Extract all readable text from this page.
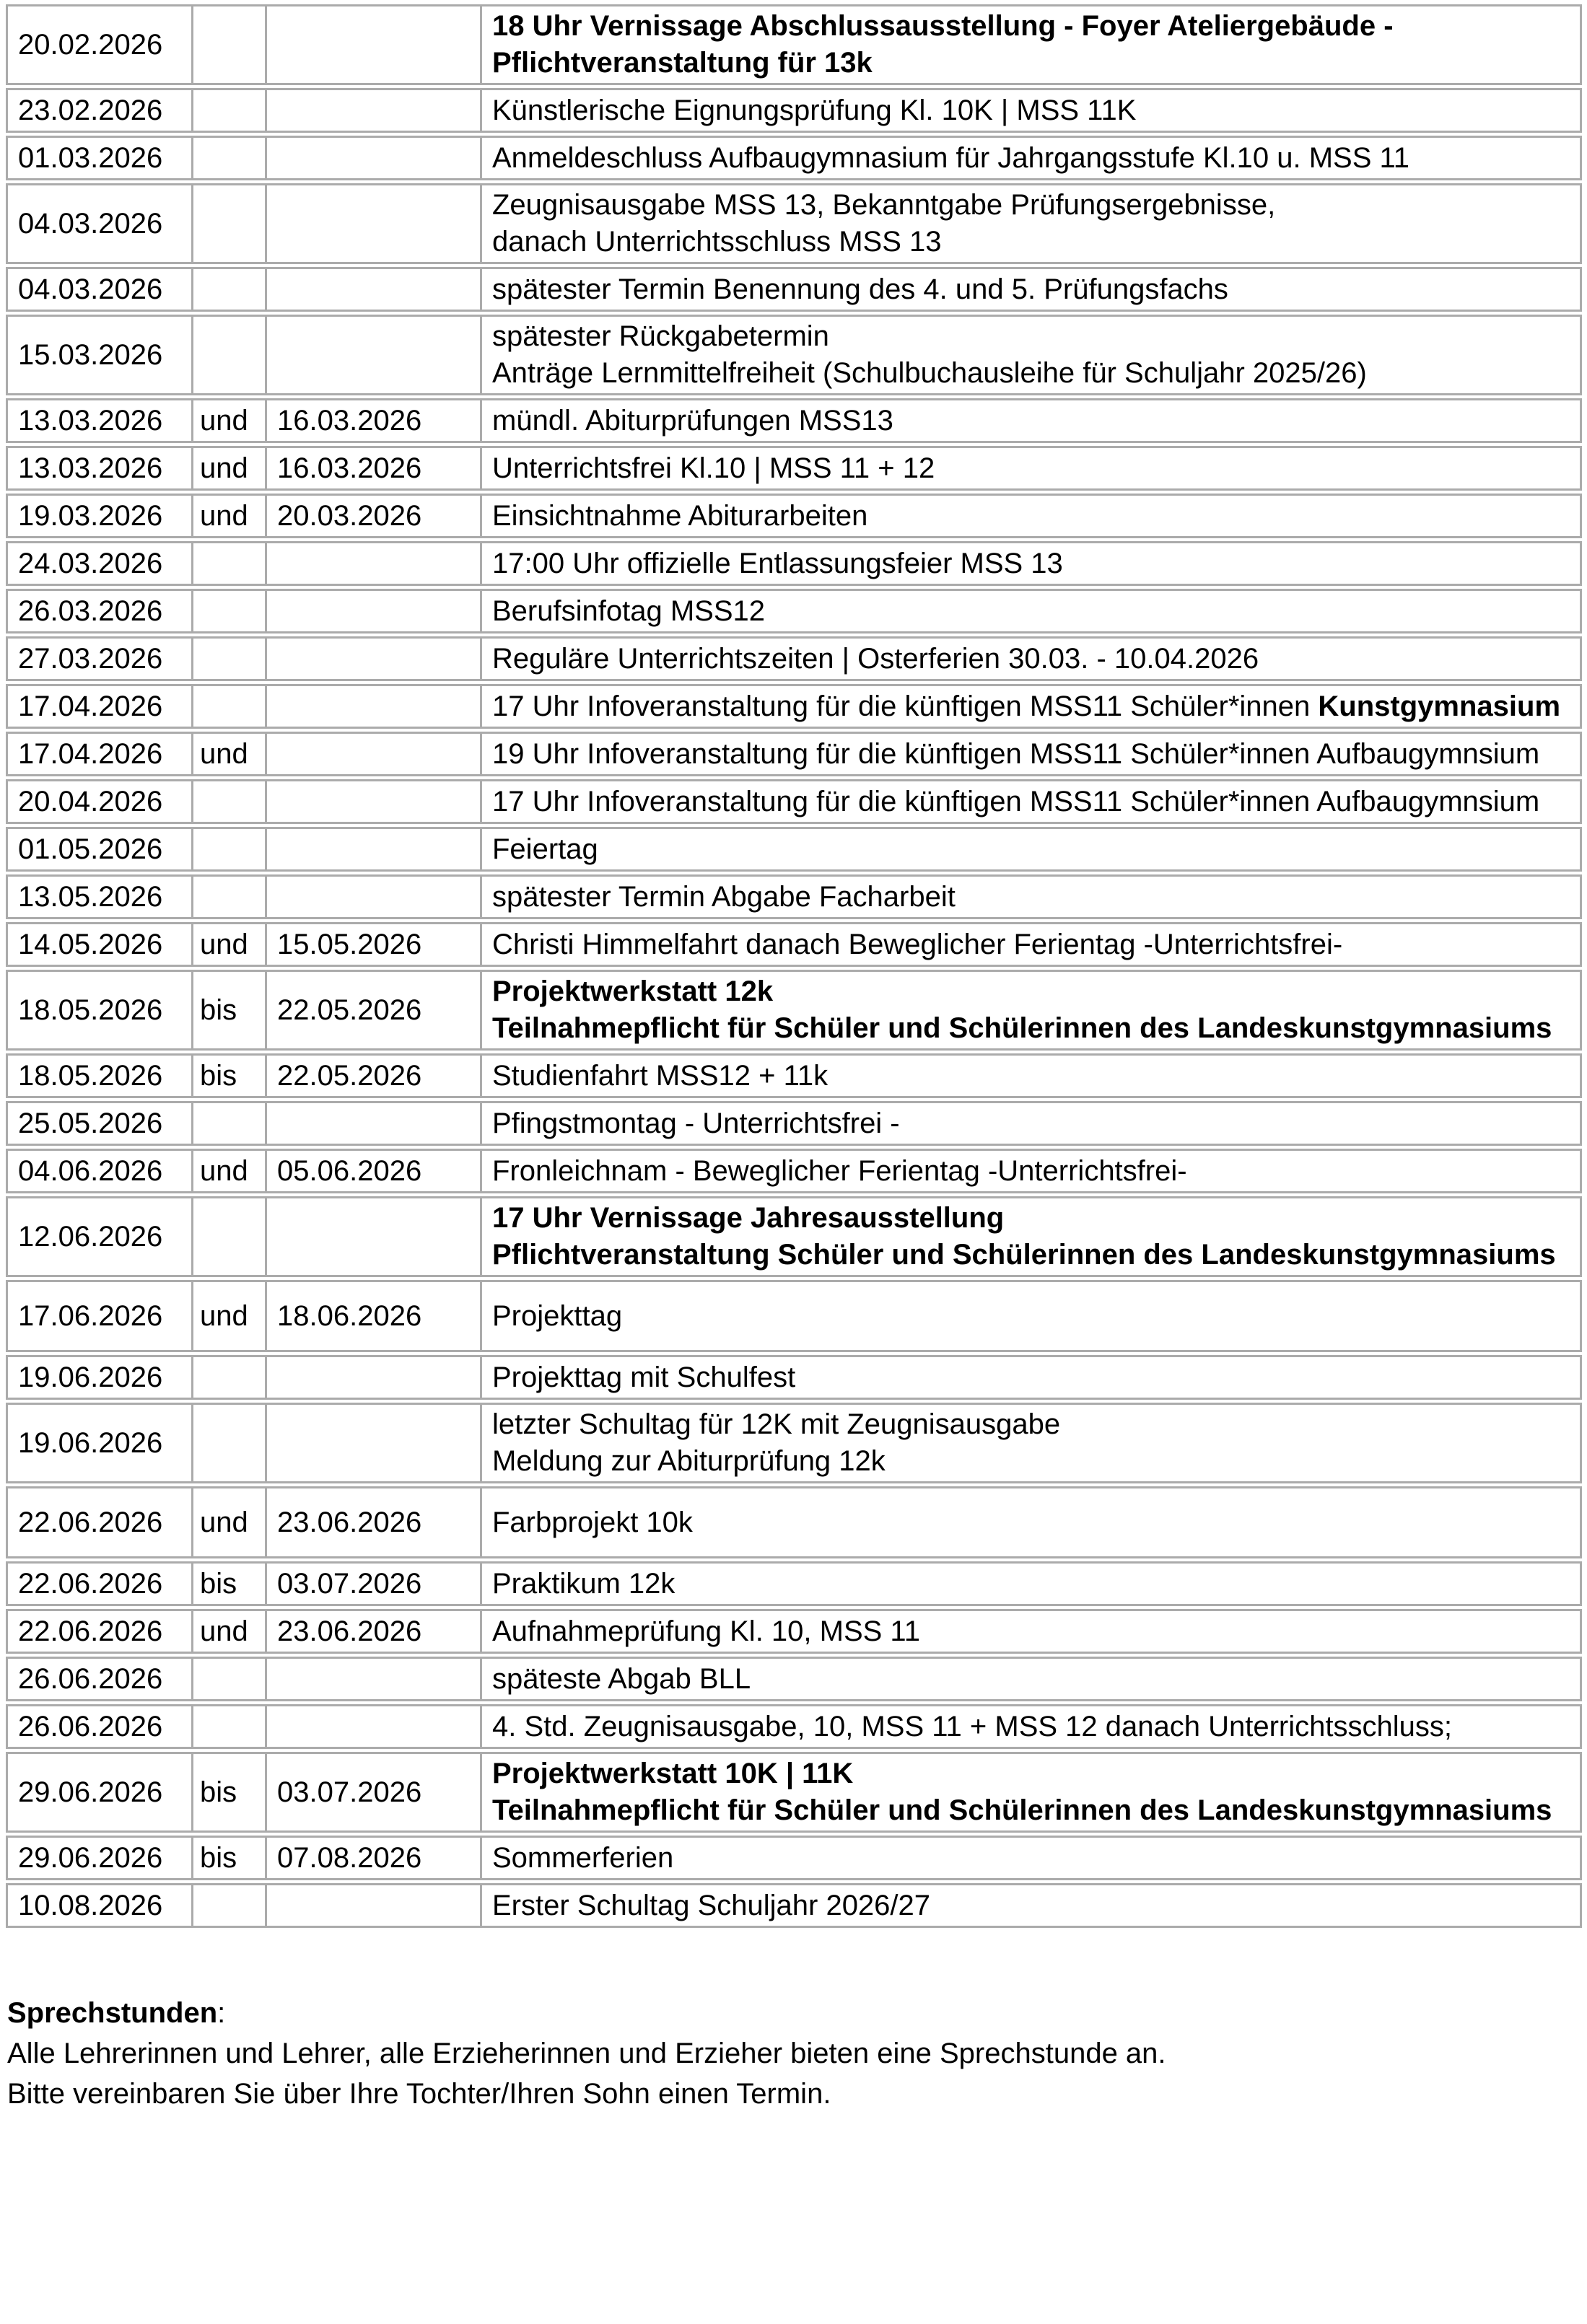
20.02.2026			18 Uhr Vernissage Abschlussausstellung - Foyer Ateliergebäude -
Pflichtveranstaltung für 13k

23.02.2026			Künstlerische Eignungsprüfung Kl. 10K | MSS 11K

01.03.2026			Anmeldeschluss Aufbaugymnasium für Jahrgangsstufe Kl.10 u. MSS 11

04.03.2026			Zeugnisausgabe MSS 13, Bekanntgabe Prüfungsergebnisse,
danach Unterrichtsschluss MSS 13

04.03.2026			spätester Termin Benennung des 4. und 5. Prüfungsfachs

15.03.2026			spätester Rückgabetermin
Anträge Lernmittelfreiheit (Schulbuchausleihe für Schuljahr 2025/26)

13.03.2026	und	16.03.2026	mündl. Abiturprüfungen MSS13

13.03.2026	und	16.03.2026	Unterrichtsfrei Kl.10 | MSS 11 + 12

19.03.2026	und	20.03.2026	Einsichtnahme Abiturarbeiten

24.03.2026			17:00 Uhr offizielle Entlassungsfeier MSS 13

26.03.2026			Berufsinfotag MSS12

27.03.2026			Reguläre Unterrichtszeiten | Osterferien 30.03. - 10.04.2026

17.04.2026			17 Uhr Infoveranstaltung für die künftigen MSS11 Schüler*innen Kunstgymnasium

17.04.2026	und		19 Uhr Infoveranstaltung für die künftigen MSS11 Schüler*innen Aufbaugymnsium

20.04.2026			17 Uhr Infoveranstaltung für die künftigen MSS11 Schüler*innen Aufbaugymnsium

01.05.2026			Feiertag

13.05.2026			spätester Termin Abgabe Facharbeit

14.05.2026	und	15.05.2026	Christi Himmelfahrt danach Beweglicher Ferientag -Unterrichtsfrei-

18.05.2026	bis	22.05.2026	Projektwerkstatt 12k
Teilnahmepflicht für Schüler und Schülerinnen des Landeskunstgymnasiums

18.05.2026	bis	22.05.2026	Studienfahrt MSS12 + 11k

25.05.2026			Pfingstmontag - Unterrichtsfrei -

04.06.2026	und	05.06.2026	Fronleichnam - Beweglicher Ferientag -Unterrichtsfrei-

12.06.2026			17 Uhr Vernissage Jahresausstellung
Pflichtveranstaltung Schüler und Schülerinnen des Landeskunstgymnasiums

17.06.2026	und	18.06.2026	Projekttag

19.06.2026			Projekttag mit Schulfest

19.06.2026			letzter Schultag für 12K mit Zeugnisausgabe
Meldung zur Abiturprüfung 12k

22.06.2026	und	23.06.2026	Farbprojekt 10k

22.06.2026	bis	03.07.2026	Praktikum 12k

22.06.2026	und	23.06.2026	Aufnahmeprüfung Kl. 10, MSS 11

26.06.2026			späteste Abgab BLL

26.06.2026			4. Std. Zeugnisausgabe, 10, MSS 11 + MSS 12 danach Unterrichtsschluss;

29.06.2026	bis	03.07.2026	Projektwerkstatt 10K | 11K
Teilnahmepflicht für Schüler und Schülerinnen des Landeskunstgymnasiums

29.06.2026	bis	07.08.2026	Sommerferien

10.08.2026			Erster Schultag Schuljahr 2026/27
Sprechstunden:
Alle Lehrerinnen und Lehrer, alle Erzieherinnen und Erzieher bieten eine Sprechstunde an.
Bitte vereinbaren Sie über Ihre Tochter/Ihren Sohn einen Termin.
